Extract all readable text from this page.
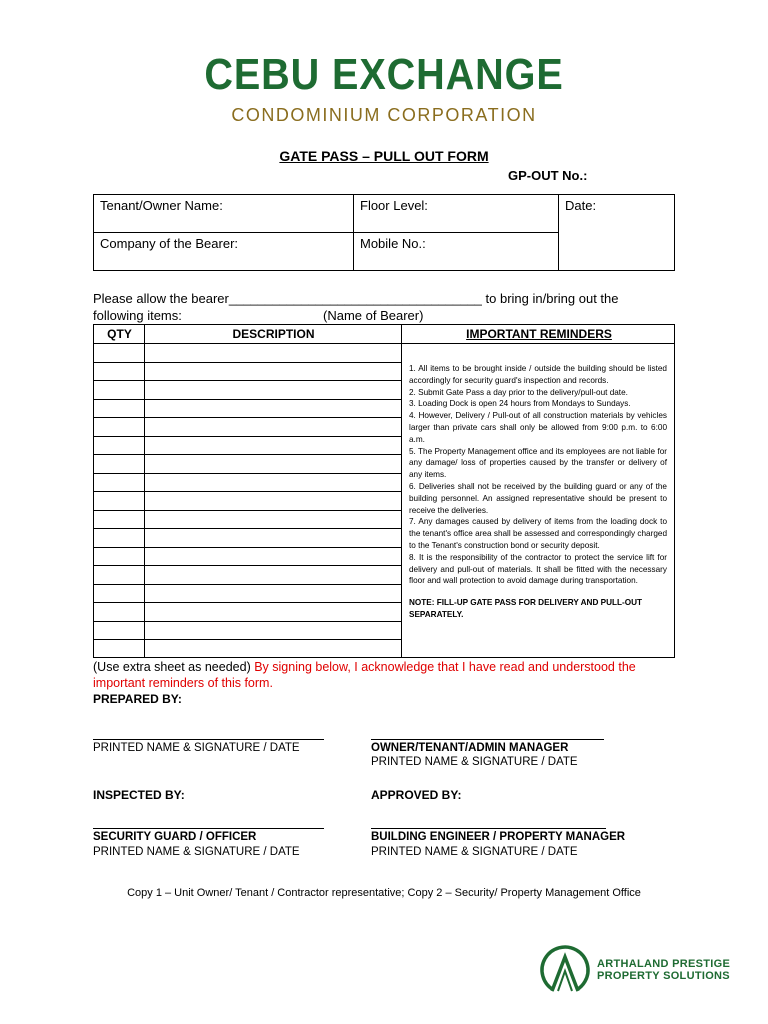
CEBU EXCHANGE
CONDOMINIUM CORPORATION
GATE PASS – PULL OUT FORM
GP-OUT No.:
Tenant/Owner Name:	Floor Level:	Date:
Company of the Bearer:	Mobile No.:	
Please allow the bearer___________________________________ to bring in/bring out the
following items:	(Name of Bearer)
QTY	DESCRIPTION	IMPORTANT REMINDERS

1. All items to be brought inside / outside the building should be listed accordingly for security guard's inspection and records.

2. Submit Gate Pass a day prior to the delivery/pull-out date.

3. Loading Dock is open 24 hours from Mondays to Sundays.

4. However, Delivery / Pull-out of all construction materials by vehicles larger than private cars shall only be allowed from 9:00 p.m. to 6:00 a.m.

5. The Property Management office and its employees are not liable for any damage/ loss of properties caused by the transfer or delivery of any items.

6. Deliveries shall not be received by the building guard or any of the building personnel. An assigned representative should be present to receive the deliveries.

7. Any damages caused by delivery of items from the loading dock to the tenant's office area shall be assessed and correspondingly charged to the Tenant's construction bond or security deposit.

8. It is the responsibility of the contractor to protect the service lift for delivery and pull-out of materials. It shall be fitted with the necessary floor and wall protection to avoid damage during transportation.

NOTE: FILL-UP GATE PASS FOR DELIVERY AND PULL-OUT SEPARATELY.

(Use extra sheet as needed) By signing below, I acknowledge that I have read and understood the important reminders of this form.
PREPARED BY:
PRINTED NAME & SIGNATURE / DATE	OWNER/TENANT/ADMIN MANAGER
PRINTED NAME & SIGNATURE / DATE
INSPECTED BY:	APPROVED BY:
SECURITY GUARD / OFFICER
PRINTED NAME & SIGNATURE / DATE
BUILDING ENGINEER / PROPERTY MANAGER
PRINTED NAME & SIGNATURE / DATE
Copy 1 – Unit Owner/ Tenant / Contractor representative; Copy 2 – Security/ Property Management Office
ARTHALAND PRESTIGE
PROPERTY SOLUTIONS
